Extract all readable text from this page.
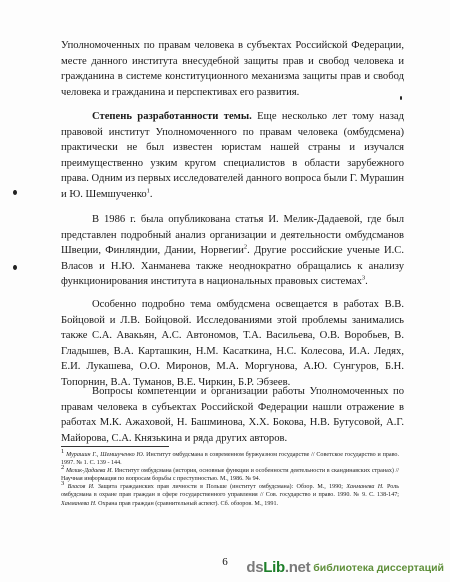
Уполномоченных по правам человека в субъектах Российской Федерации, месте данного института внесудебной защиты прав и свобод человека и гражданина в системе конституционного механизма защиты прав и свобод человека и гражданина и перспективах его развития.
Степень разработанности темы. Еще несколько лет тому назад правовой институт Уполномоченного по правам человека (омбудсмена) практически не был известен юристам нашей страны и изучался преимущественно узким кругом специалистов в области зарубежного права. Одним из первых исследователей данного вопроса были Г. Мурашин и Ю. Шемшученко$^1$.
В 1986 г. была опубликована статья И. Мелик-Дадаевой, где был представлен подробный анализ организации и деятельности омбудсманов Швеции, Финляндии, Дании, Норвегии$^2$. Другие российские ученые И.С. Власов и Н.Ю. Ханманева также неоднократно обращались к анализу функционирования института в национальных правовых системах$^3$.
Особенно подробно тема омбудсмена освещается в работах В.В. Бойцовой и Л.В. Бойцовой. Исследованиями этой проблемы занимались также С.А. Авакьян, А.С. Автономов, Т.А. Васильева, О.В. Воробьев, В. Гладышев, В.А. Карташкин, Н.М. Касаткина, Н.С. Колесова, И.А. Ледях, Е.И. Лукашева, О.О. Миронов, М.А. Моргунова, А.Ю. Сунгуров, Б.Н. Топорнин, В.А. Туманов, В.Е. Чиркин, Б.Р. Эбзеев.
Вопросы компетенции и организации работы Уполномоченных по правам человека в субъектах Российской Федерации нашли отражение в работах М.К. Ажаховой, Н. Башминова, Х.Х. Бокова, Н.В. Бутусовой, А.Г. Майорова, С.А. Князькина и ряда других авторов.
$^1$ Мурашин Г., Шемшученко Ю. Институт омбудсмана в современном буржуазном государстве // Советское государство и право. 1997. № 1. С. 139 - 144.
$^2$ Мелик-Дадаева И. Институт омбудсмана (история, основные функции и особенности деятельности в скандинавских странах) // Научная информация по вопросам борьбы с преступностью. М., 1986. № 94.
$^3$ Власов И. Защита гражданских прав личности в Польше (институт омбудсмана): Обзор. М., 1990; Ханманева Н. Роль омбудсмана в охране прав граждан в сфере государственного управления // Сов. государство и право. 1990. № 9. С. 138-147; Ханманева Н. Охрана прав граждан (сравнительный аспект). Сб. обзоров. М., 1991.
6	dsLib.net библиотека диссертаций
